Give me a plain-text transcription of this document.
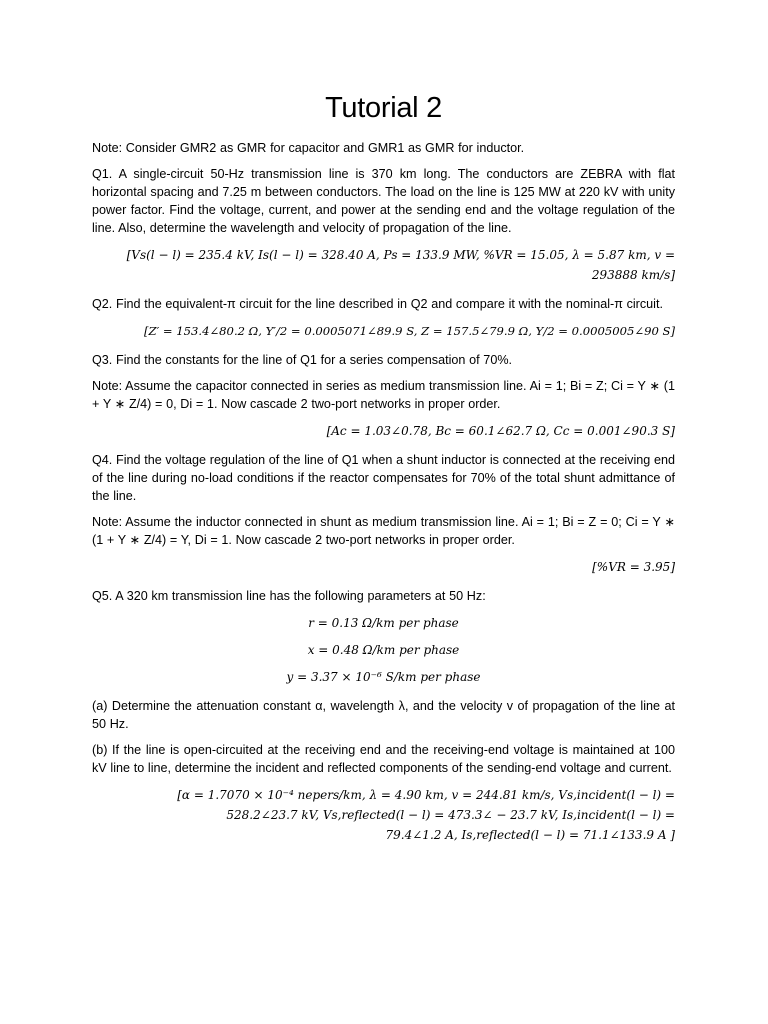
Tutorial 2

Note: Consider GMR2 as GMR for capacitor and GMR1 as GMR for inductor.

Q1. A single-circuit 50-Hz transmission line is 370 km long. The conductors are ZEBRA with flat horizontal spacing and 7.25 m between conductors. The load on the line is 125 MW at 220 kV with unity power factor. Find the voltage, current, and power at the sending end and the voltage regulation of the line. Also, determine the wavelength and velocity of propagation of the line.

[Vs(l − l) = 235.4 kV, Is(l − l) = 328.40 A, Ps = 133.9 MW, %VR = 15.05, λ = 5.87 km, v =
293888 km/s]

Q2. Find the equivalent-π circuit for the line described in Q2 and compare it with the nominal-π circuit.

[Z′ = 153.4∠80.2 Ω, Y′/2 = 0.0005071∠89.9 S, Z = 157.5∠79.9 Ω, Y/2 = 0.0005005∠90 S]

Q3. Find the constants for the line of Q1 for a series compensation of 70%.

Note: Assume the capacitor connected in series as medium transmission line. Ai = 1; Bi = Z; Ci = Y ∗ (1 + Y ∗ Z/4) = 0, Di = 1. Now cascade 2 two-port networks in proper order.

[Ac = 1.03∠0.78, Bc = 60.1∠62.7 Ω, Cc = 0.001∠90.3 S]

Q4. Find the voltage regulation of the line of Q1 when a shunt inductor is connected at the receiving end of the line during no-load conditions if the reactor compensates for 70% of the total shunt admittance of the line.

Note: Assume the inductor connected in shunt as medium transmission line. Ai = 1; Bi = Z = 0; Ci = Y ∗ (1 + Y ∗ Z/4) = Y, Di = 1. Now cascade 2 two-port networks in proper order.

[%VR = 3.95]

Q5. A 320 km transmission line has the following parameters at 50 Hz:

r = 0.13 Ω/km per phase
x = 0.48 Ω/km per phase
y = 3.37 × 10⁻⁶ S/km per phase

(a) Determine the attenuation constant α, wavelength λ, and the velocity v of propagation of the line at 50 Hz.

(b) If the line is open-circuited at the receiving end and the receiving-end voltage is maintained at 100 kV line to line, determine the incident and reflected components of the sending-end voltage and current.

[α = 1.7070 × 10⁻⁴ nepers/km, λ = 4.90 km, v = 244.81 km/s, Vs,incident(l − l) =
528.2∠23.7 kV, Vs,reflected(l − l) = 473.3∠ − 23.7 kV, Is,incident(l − l) =
79.4∠1.2 A, Is,reflected(l − l) = 71.1∠133.9 A ]
